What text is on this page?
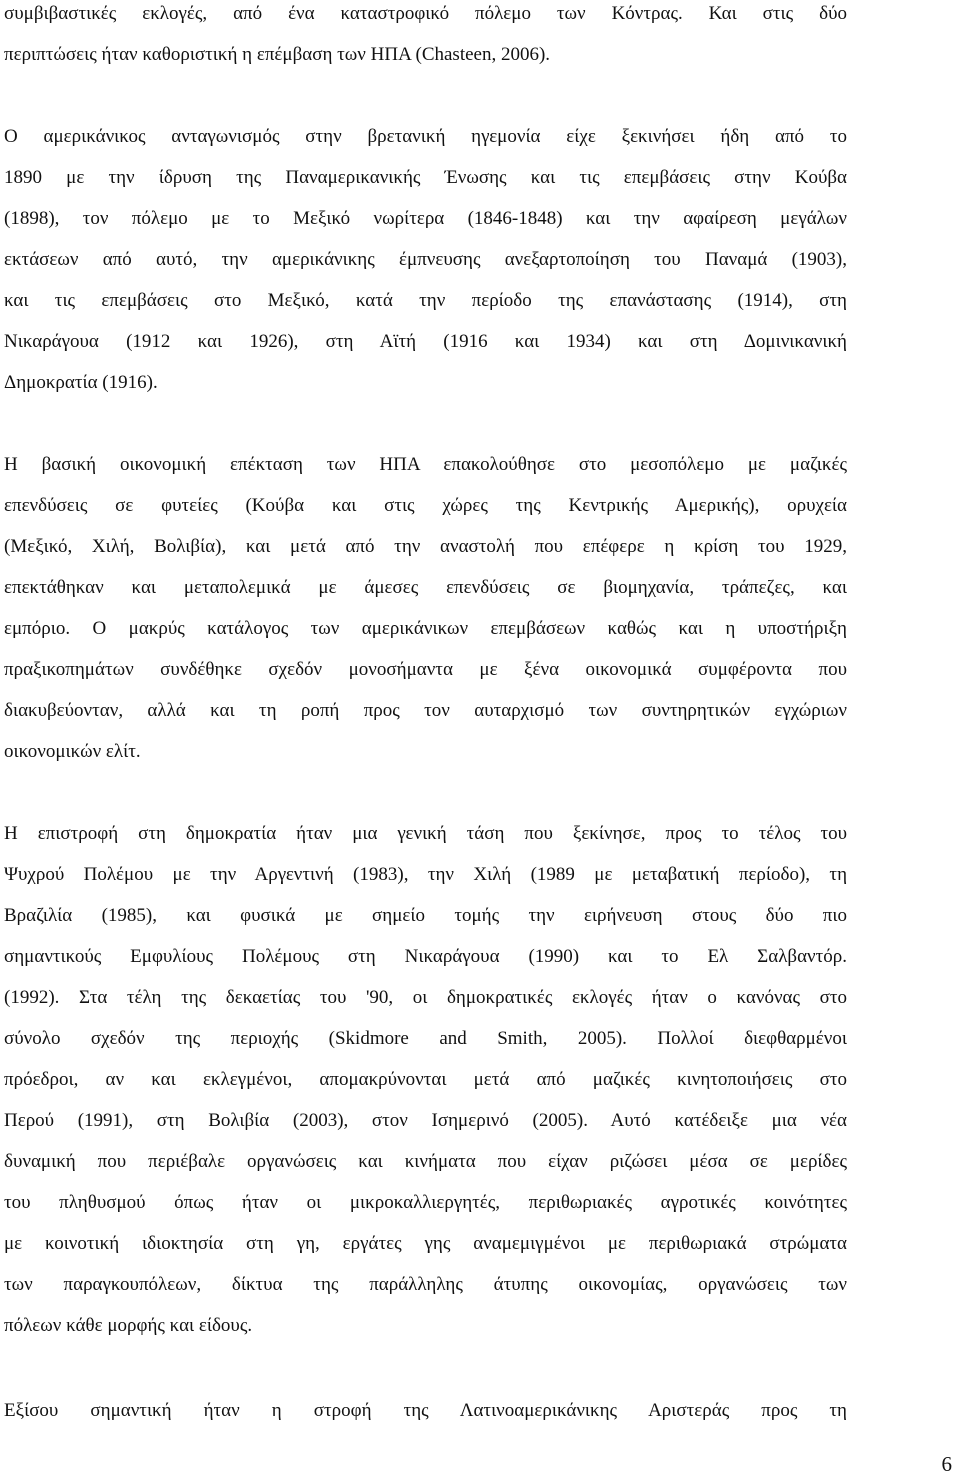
συμβιβαστικές εκλογές, από ένα καταστροφικό πόλεμο των Κόντρας. Και στις δύο
περιπτώσεις ήταν καθοριστική η επέμβαση των ΗΠΑ (Chasteen, 2006).
Ο αμερικάνικος ανταγωνισμός στην βρετανική ηγεμονία είχε ξεκινήσει ήδη από το
1890 με την ίδρυση της Παναμερικανικής Ένωσης και τις επεμβάσεις στην Κούβα
(1898), τον πόλεμο με το Μεξικό νωρίτερα (1846-1848) και την αφαίρεση μεγάλων
εκτάσεων από αυτό, την αμερικάνικης έμπνευσης ανεξαρτοποίηση του Παναμά (1903),
και τις επεμβάσεις στο Μεξικό, κατά την περίοδο της επανάστασης (1914), στη
Νικαράγουα (1912 και 1926), στη Αϊτή (1916 και 1934) και στη Δομινικανική
Δημοκρατία (1916).
Η βασική οικονομική επέκταση των ΗΠΑ επακολούθησε στο μεσοπόλεμο με μαζικές
επενδύσεις σε φυτείες (Κούβα και στις χώρες της Κεντρικής Αμερικής), ορυχεία
(Μεξικό, Χιλή, Βολιβία), και μετά από την αναστολή που επέφερε η κρίση του 1929,
επεκτάθηκαν και μεταπολεμικά με άμεσες επενδύσεις σε βιομηχανία, τράπεζες, και
εμπόριο. Ο μακρύς κατάλογος των αμερικάνικων επεμβάσεων καθώς και η υποστήριξη
πραξικοπημάτων συνδέθηκε σχεδόν μονοσήμαντα με ξένα οικονομικά συμφέροντα που
διακυβεύονταν, αλλά και τη ροπή προς τον αυταρχισμό των συντηρητικών εγχώριων
οικονομικών ελίτ.
Η επιστροφή στη δημοκρατία ήταν μια γενική τάση που ξεκίνησε, προς το τέλος του
Ψυχρού Πολέμου με την Αργεντινή (1983), την Χιλή (1989 με μεταβατική περίοδο), τη
Βραζιλία (1985), και φυσικά με σημείο τομής την ειρήνευση στους δύο πιο
σημαντικούς Εμφυλίους Πολέμους στη Νικαράγουα (1990) και το Ελ Σαλβαντόρ.
(1992). Στα τέλη της δεκαετίας του '90, οι δημοκρατικές εκλογές ήταν ο κανόνας στο
σύνολο σχεδόν της περιοχής (Skidmore and Smith, 2005). Πολλοί διεφθαρμένοι
πρόεδροι, αν και εκλεγμένοι, απομακρύνονται μετά από μαζικές κινητοποιήσεις στο
Περού (1991), στη Βολιβία (2003), στον Ισημερινό (2005). Αυτό κατέδειξε μια νέα
δυναμική που περιέβαλε οργανώσεις και κινήματα που είχαν ριζώσει μέσα σε μερίδες
του πληθυσμού όπως ήταν οι μικροκαλλιεργητές, περιθωριακές αγροτικές κοινότητες
με κοινοτική ιδιοκτησία στη γη, εργάτες γης αναμεμιγμένοι με περιθωριακά στρώματα
των παραγκουπόλεων, δίκτυα της παράλληλης άτυπης οικονομίας, οργανώσεις των
πόλεων κάθε μορφής και είδους.
Εξίσου σημαντική ήταν η στροφή της Λατινοαμερικάνικης Αριστεράς προς τη
6
